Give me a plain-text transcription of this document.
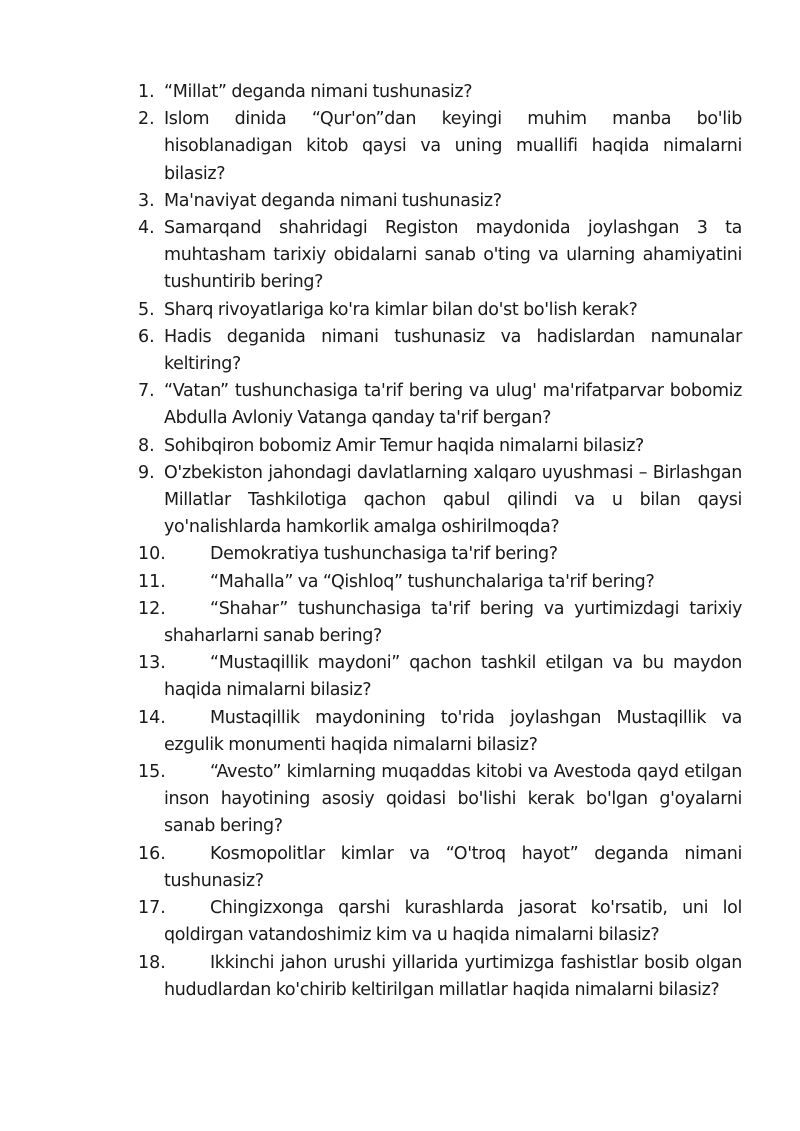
1. “Millat” deganda nimani tushunasiz?
2. Islom dinida “Qur'on”dan keyingi muhim manba bo'lib hisoblanadigan kitob qaysi va uning muallifi haqida nimalarni bilasiz?
3. Ma'naviyat deganda nimani tushunasiz?
4. Samarqand shahridagi Registon maydonida joylashgan 3 ta muhtasham tarixiy obidalarni sanab o'ting va ularning ahamiyatini tushuntirib bering?
5. Sharq rivoyatlariga ko'ra kimlar bilan do'st bo'lish kerak?
6. Hadis deganida nimani tushunasiz va hadislardan namunalar keltiring?
7. “Vatan” tushunchasiga ta'rif bering va ulug' ma'rifatparvar bobomiz Abdulla Avloniy Vatanga qanday ta'rif bergan?
8. Sohibqiron bobomiz Amir Temur haqida nimalarni bilasiz?
9. O'zbekiston jahondagi davlatlarning xalqaro uyushmasi – Birlashgan Millatlar Tashkilotiga qachon qabul qilindi va u bilan qaysi yo'nalishlarda hamkorlik amalga oshirilmoqda?
10.	Demokratiya tushunchasiga ta'rif bering?
11.	“Mahalla” va “Qishloq” tushunchalariga ta'rif bering?
12.	“Shahar” tushunchasiga ta'rif bering va yurtimizdagi tarixiy shaharlarni sanab bering?
13.	“Mustaqillik maydoni” qachon tashkil etilgan va bu maydon haqida nimalarni bilasiz?
14.	Mustaqillik maydonining to'rida joylashgan Mustaqillik va ezgulik monumenti haqida nimalarni bilasiz?
15.	“Avesto” kimlarning muqaddas kitobi va Avestoda qayd etilgan inson hayotining asosiy qoidasi bo'lishi kerak bo'lgan g'oyalarni sanab bering?
16.	Kosmopolitlar kimlar va “O'troq hayot” deganda nimani tushunasiz?
17.	Chingizxonga qarshi kurashlarda jasorat ko'rsatib, uni lol qoldirgan vatandoshimiz kim va u haqida nimalarni bilasiz?
18.	Ikkinchi jahon urushi yillarida yurtimizga fashistlar bosib olgan hududlardan ko'chirib keltirilgan millatlar haqida nimalarni bilasiz?
